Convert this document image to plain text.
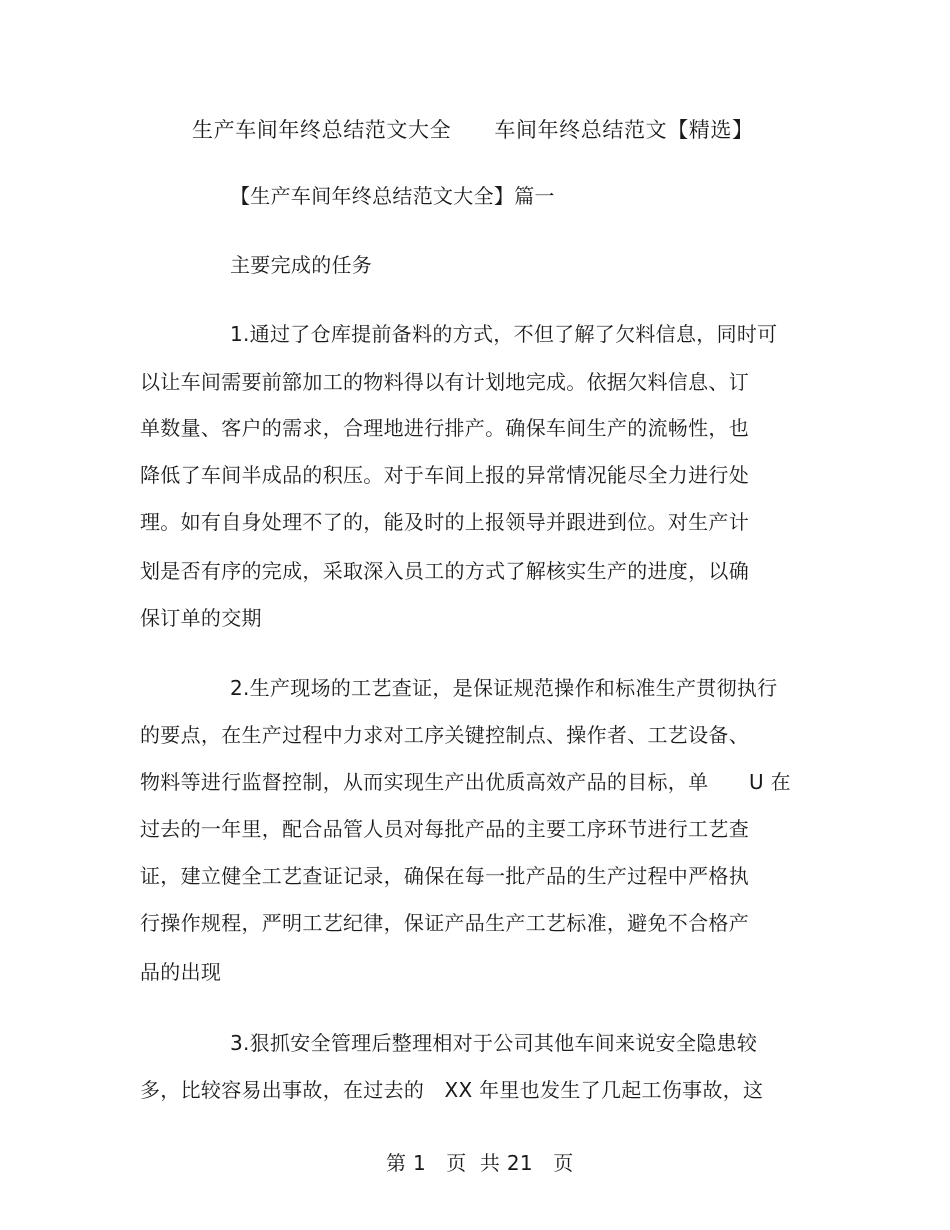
生产车间年终总结范文大全　　车间年终总结范文【精选】
【生产车间年终总结范文大全】篇一
主要完成的任务
1.通过了仓库提前备料的方式，不但了解了欠料信息，同时可
以让车间需要前篰加工的物料得以有计划地完成。依据欠料信息、订
单数量、客户的需求，合理地进行排产。确保车间生产的流畅性，也
降低了车间半成品的积压。对于车间上报的异常情况能尽全力进行处
理。如有自身处理不了的，能及时的上报领导并跟进到位。对生产计
划是否有序的完成，采取深入员工的方式了解核实生产的进度，以确
保订单的交期
2.生产现场的工艺查证，是保证规范操作和标准生产贯彻执行
的要点，在生产过程中力求对工序关键控制点、操作者、工艺设备、
物料等进行监督控制，从而实现生产出优质高效产品的目标，单　　U 在
过去的一年里，配合品管人员对每批产品的主要工序环节进行工艺查
证，建立健全工艺查证记录，确保在每一批产品的生产过程中严格执
行操作规程，严明工艺纪律，保证产品生产工艺标准，避免不合格产
品的出现
3.狠抓安全管理后整理相对于公司其他车间来说安全隐患较
多，比较容易出事故，在过去的　XX 年里也发生了几起工伤事故，这
第 1　页  共 21　页
